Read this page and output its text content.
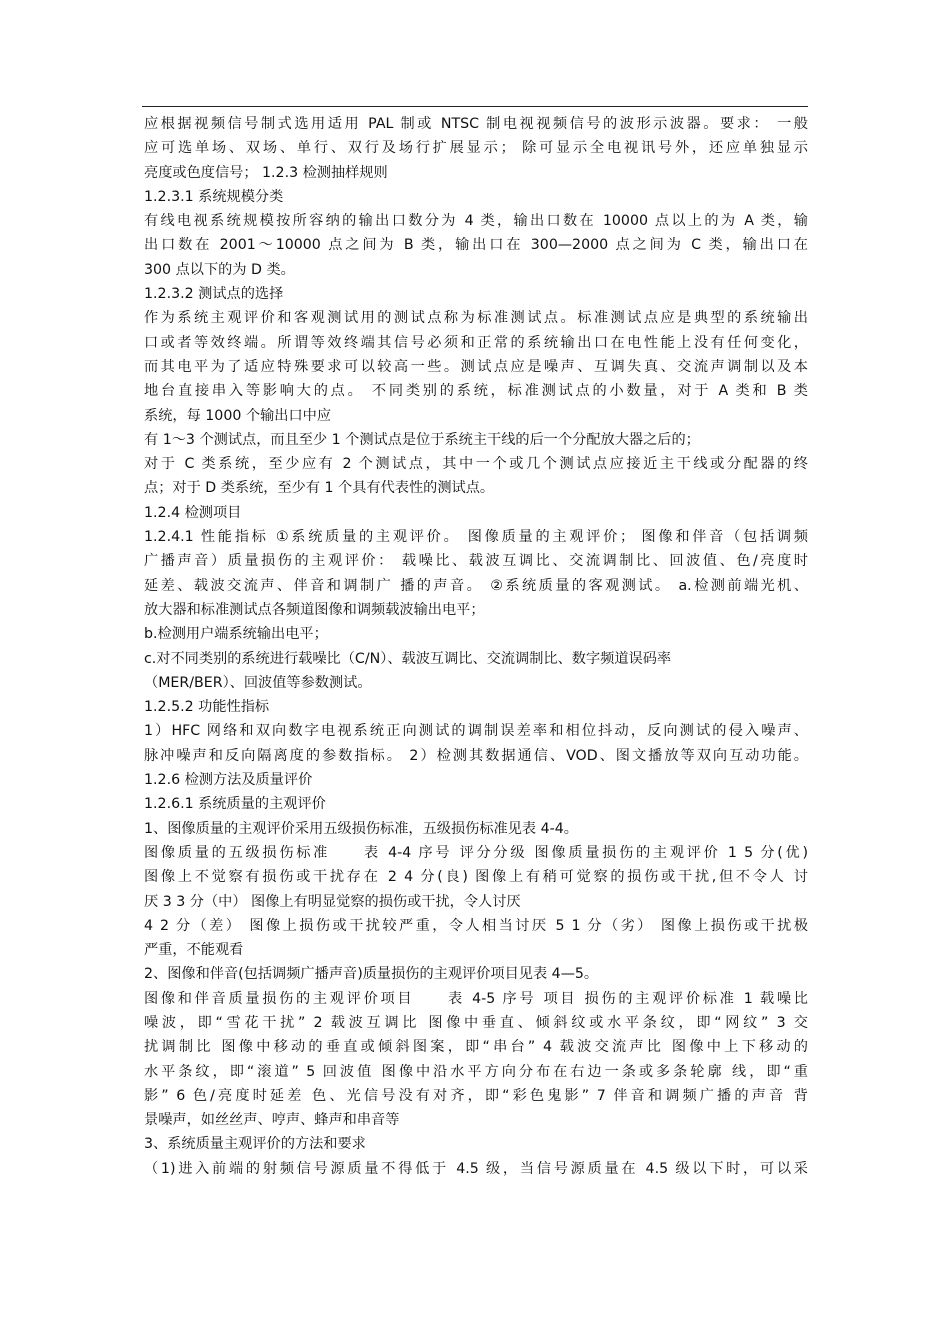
应根据视频信号制式选用适用 PAL 制或 NTSC 制电视视频信号的波形示波器。要求： 一般
应可选单场、双场、单行、双行及场行扩展显示； 除可显示全电视讯号外，还应单独显示
亮度或色度信号； 1.2.3 检测抽样规则
1.2.3.1 系统规模分类
有线电视系统规模按所容纳的输出口数分为 4 类，输出口数在 10000 点以上的为 A 类，输
出口数在 2001～10000 点之间为 B 类，输出口在 300—2000 点之间为 C 类，输出口在
300 点以下的为 D 类。
1.2.3.2 测试点的选择
作为系统主观评价和客观测试用的测试点称为标准测试点。标准测试点应是典型的系统输出
口或者等效终端。所谓等效终端其信号必须和正常的系统输出口在电性能上没有任何变化，
而其电平为了适应特殊要求可以较高一些。测试点应是噪声、互调失真、交流声调制以及本
地台直接串入等影响大的点。 不同类别的系统，标准测试点的小数量，对于 A 类和 B 类
系统，每 1000 个输出口中应
有 1～3 个测试点，而且至少 1 个测试点是位于系统主干线的后一个分配放大器之后的；
对于 C 类系统，至少应有 2 个测试点，其中一个或几个测试点应接近主干线或分配器的终
点；对于 D 类系统，至少有 1 个具有代表性的测试点。
1.2.4 检测项目
1.2.4.1 性能指标 ①系统质量的主观评价。 图像质量的主观评价； 图像和伴音（包括调频
广播声音）质量损伤的主观评价： 载噪比、载波互调比、交流调制比、回波值、色/亮度时
延差、载波交流声、伴音和调制广 播的声音。 ②系统质量的客观测试。 a.检测前端光机、
放大器和标准测试点各频道图像和调频载波输出电平；
b.检测用户端系统输出电平；
c.对不同类别的系统进行载噪比（C/N）、载波互调比、交流调制比、数字频道误码率
（MER/BER）、回波值等参数测试。
1.2.5.2 功能性指标
1）HFC 网络和双向数字电视系统正向测试的调制误差率和相位抖动，反向测试的侵入噪声、
脉冲噪声和反向隔离度的参数指标。 2）检测其数据通信、VOD、图文播放等双向互动功能。
1.2.6 检测方法及质量评价
1.2.6.1 系统质量的主观评价
1、图像质量的主观评价采用五级损伤标准，五级损伤标准见表 4-4。
图像质量的五级损伤标准　　表 4-4 序号 评分分级 图像质量损伤的主观评价 1 5 分(优)
图像上不觉察有损伤或干扰存在 2 4 分(良) 图像上有稍可觉察的损伤或干扰,但不令人 讨
厌 3 3 分（中） 图像上有明显觉察的损伤或干扰，令人讨厌
4 2 分（差） 图像上损伤或干扰较严重，令人相当讨厌 5 1 分（劣） 图像上损伤或干扰极
严重，不能观看
2、图像和伴音(包括调频广播声音)质量损伤的主观评价项目见表 4—5。
图像和伴音质量损伤的主观评价项目　　表 4-5 序号 项目 损伤的主观评价标准 1 载噪比
噪波，即“雪花干扰” 2 载波互调比 图像中垂直、倾斜纹或水平条纹，即“网纹” 3 交
扰调制比 图像中移动的垂直或倾斜图案，即“串台” 4 载波交流声比 图像中上下移动的
水平条纹，即“滚道” 5 回波值 图像中沿水平方向分布在右边一条或多条轮廓 线，即“重
影” 6 色/亮度时延差 色、光信号没有对齐，即“彩色鬼影” 7 伴音和调频广播的声音 背
景噪声，如丝丝声、哼声、蜂声和串音等
3、系统质量主观评价的方法和要求
（1)进入前端的射频信号源质量不得低于 4.5 级，当信号源质量在 4.5 级以下时，可以采
